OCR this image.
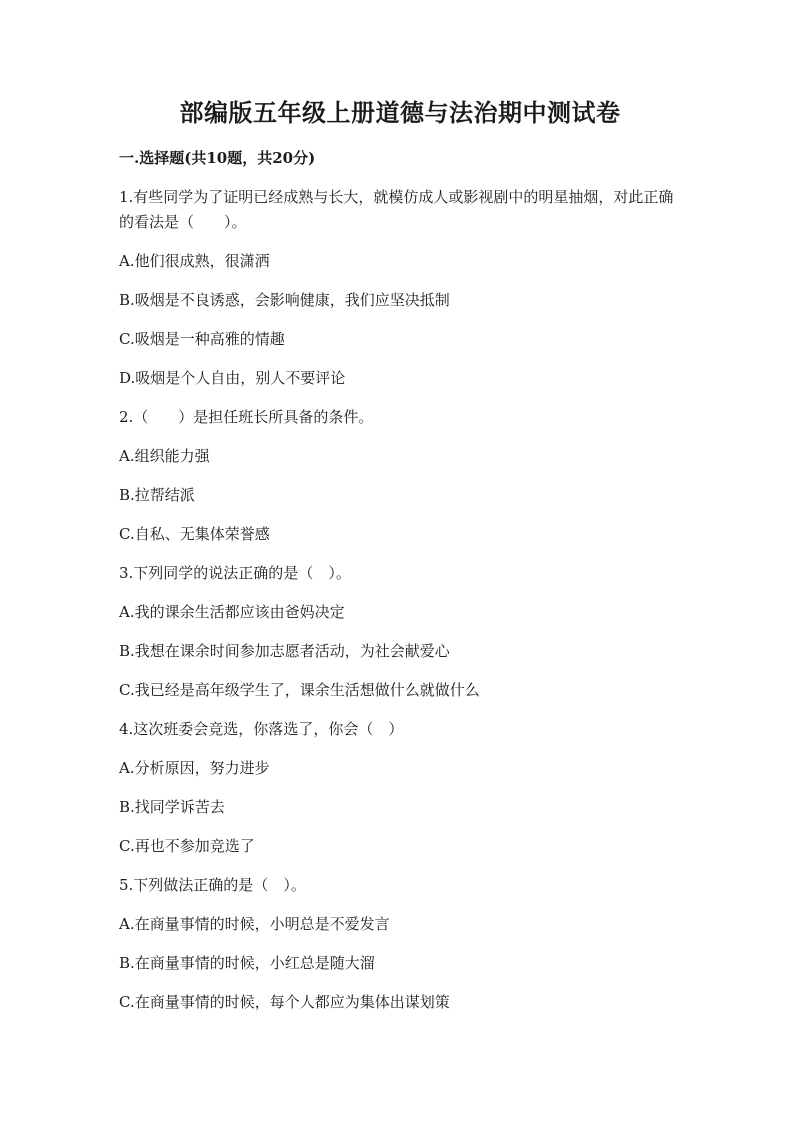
部编版五年级上册道德与法治期中测试卷
一.选择题(共10题，共20分)
1.有些同学为了证明已经成熟与长大，就模仿成人或影视剧中的明星抽烟，对此正确的看法是（　　）。
A.他们很成熟，很潇洒
B.吸烟是不良诱惑，会影响健康，我们应坚决抵制
C.吸烟是一种高雅的情趣
D.吸烟是个人自由，别人不要评论
2.（　　）是担任班长所具备的条件。
A.组织能力强
B.拉帮结派
C.自私、无集体荣誉感
3.下列同学的说法正确的是（　）。
A.我的课余生活都应该由爸妈决定
B.我想在课余时间参加志愿者活动，为社会献爱心
C.我已经是高年级学生了，课余生活想做什么就做什么
4.这次班委会竞选，你落选了，你会（　）
A.分析原因，努力进步
B.找同学诉苦去
C.再也不参加竞选了
5.下列做法正确的是（　）。
A.在商量事情的时候，小明总是不爱发言
B.在商量事情的时候，小红总是随大溜
C.在商量事情的时候，每个人都应为集体出谋划策
